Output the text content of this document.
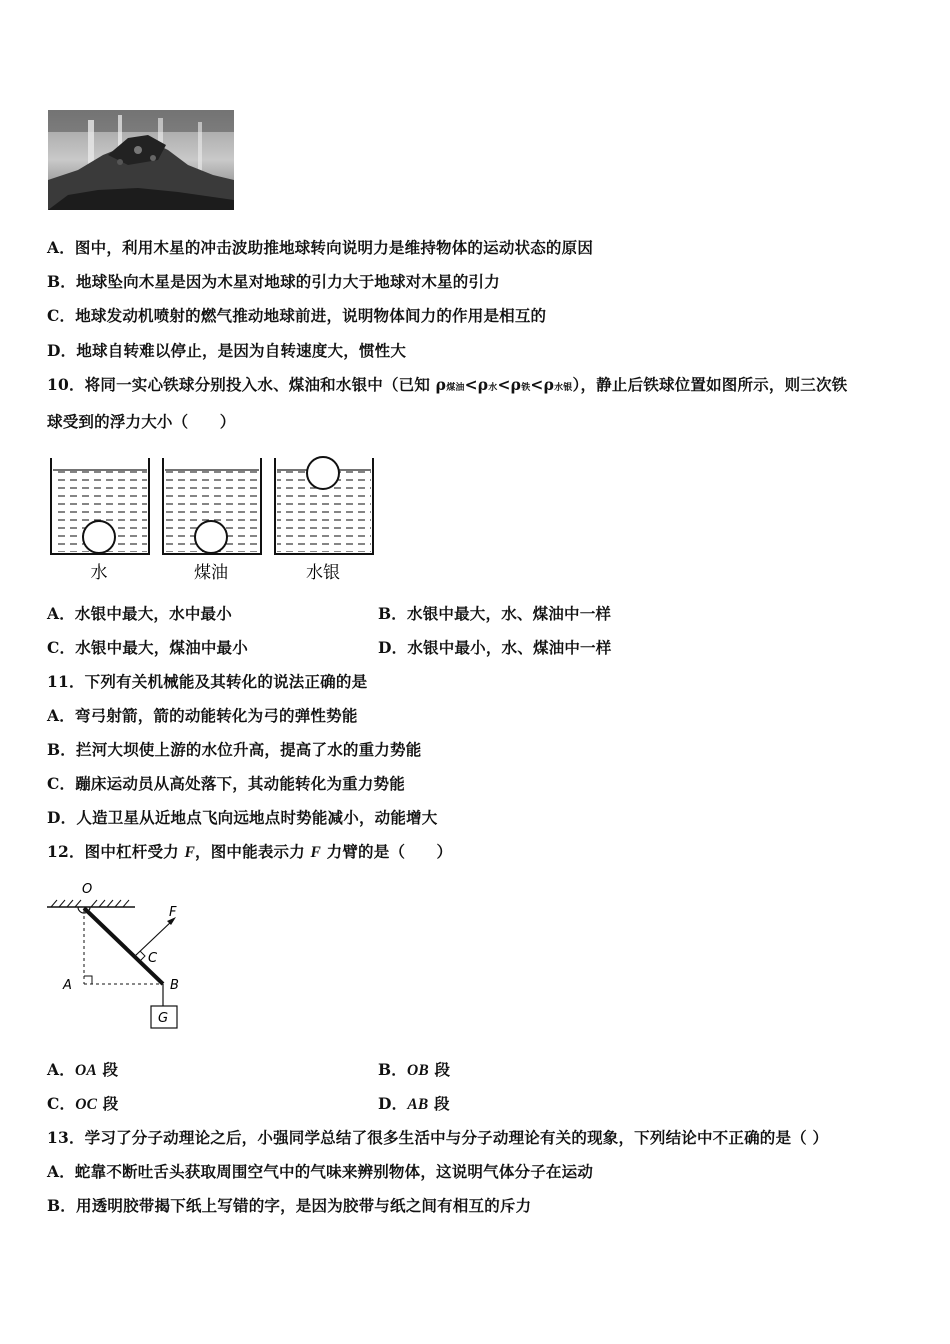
A．图中，利用木星的冲击波助推地球转向说明力是维持物体的运动状态的原因
B．地球坠向木星是因为木星对地球的引力大于地球对木星的引力
C．地球发动机喷射的燃气推动地球前进，说明物体间力的作用是相互的
D．地球自转难以停止，是因为自转速度大，惯性大
10．将同一实心铁球分别投入水、煤油和水银中（已知 ρ煤油<ρ水<ρ铁<ρ水银），静止后铁球位置如图所示，则三次铁
球受到的浮力大小（　　）
水	煤油	水银
A．水银中最大，水中最小	B．水银中最大，水、煤油中一样
C．水银中最大，煤油中最小	D．水银中最小，水、煤油中一样
11．下列有关机械能及其转化的说法正确的是
A．弯弓射箭，箭的动能转化为弓的弹性势能
B．拦河大坝使上游的水位升高，提高了水的重力势能
C．蹦床运动员从高处落下，其动能转化为重力势能
D．人造卫星从近地点飞向远地点时势能减小，动能增大
12．图中杠杆受力 F，图中能表示力 F 力臂的是（　　）
O
F
C
A	B
G
A．OA 段	B．OB 段
C．OC 段	D．AB 段
13．学习了分子动理论之后，小强同学总结了很多生活中与分子动理论有关的现象，下列结论中不正确的是（ ）
A．蛇靠不断吐舌头获取周围空气中的气味来辨别物体，这说明气体分子在运动
B．用透明胶带揭下纸上写错的字，是因为胶带与纸之间有相互的斥力
